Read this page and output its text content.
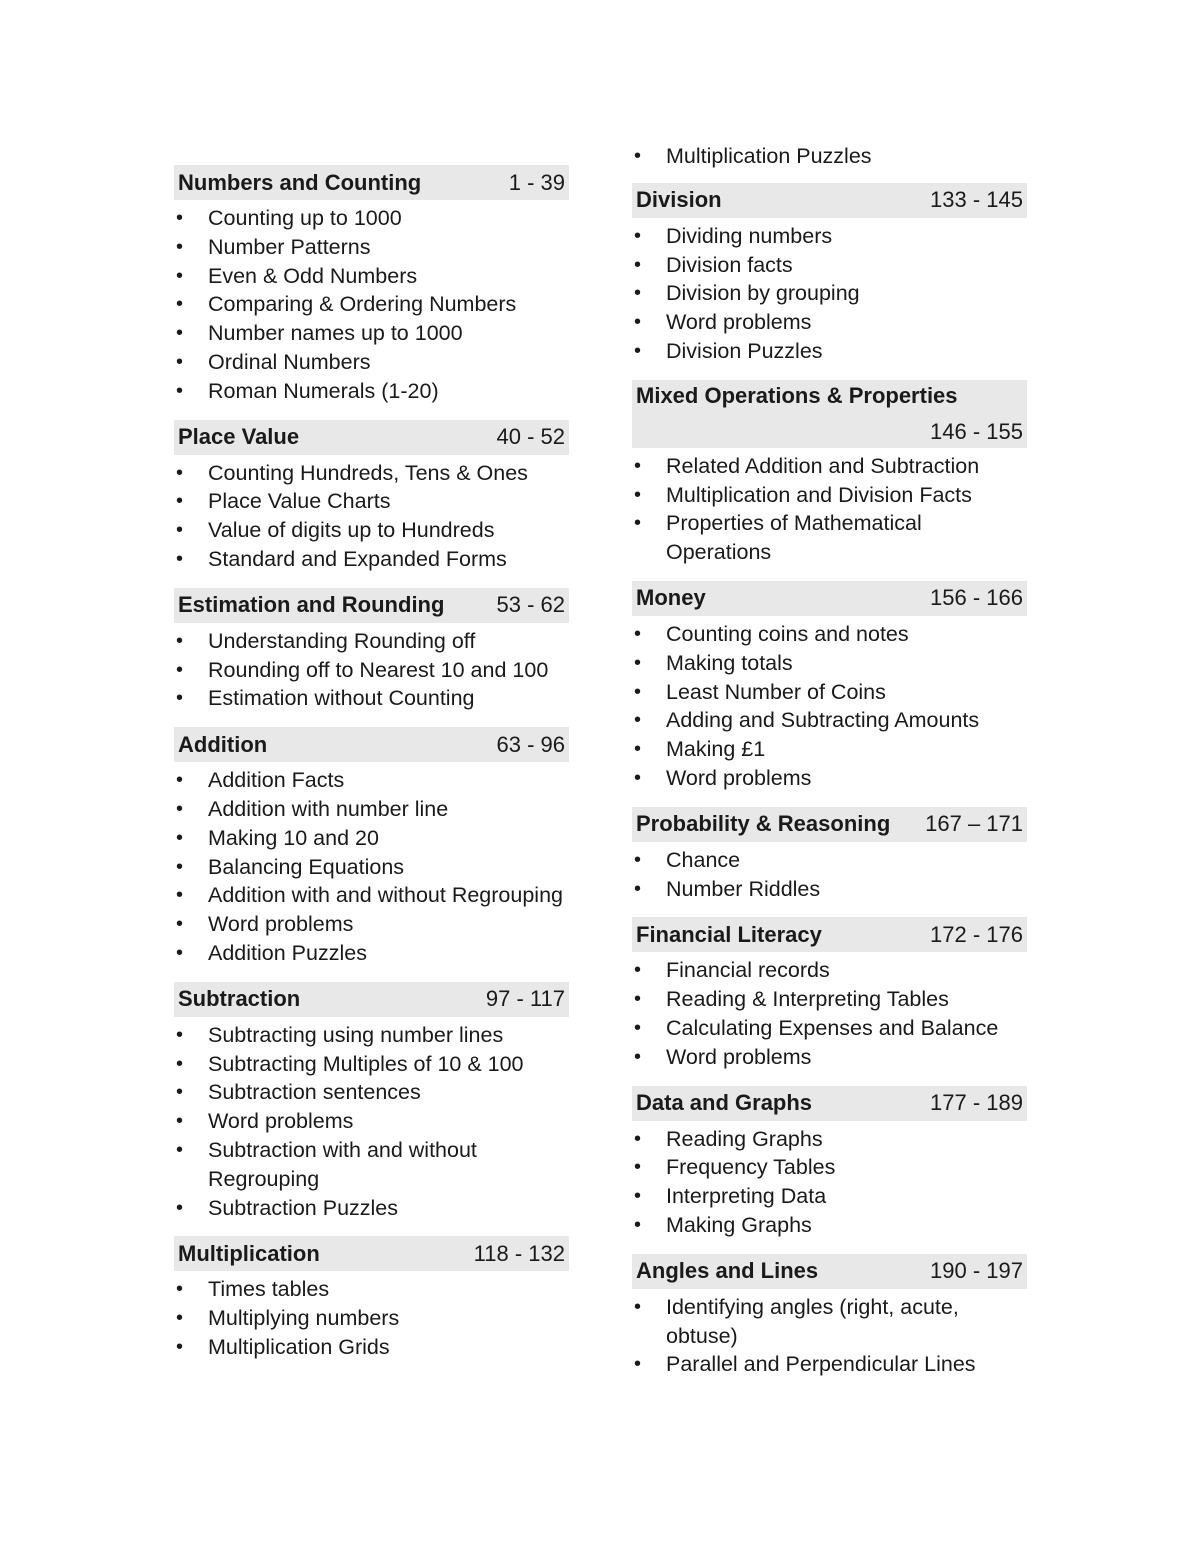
Numbers and Counting	1 - 39
• Counting up to 1000
• Number Patterns
• Even & Odd Numbers
• Comparing & Ordering Numbers
• Number names up to 1000
• Ordinal Numbers
• Roman Numerals (1-20)
Place Value	40 - 52
• Counting Hundreds, Tens & Ones
• Place Value Charts
• Value of digits up to Hundreds
• Standard and Expanded Forms
Estimation and Rounding 53 - 62
• Understanding Rounding off
• Rounding off to Nearest 10 and 100
• Estimation without Counting
Addition	63 - 96
• Addition Facts
• Addition with number line
• Making 10 and 20
• Balancing Equations
• Addition with and without Regrouping
• Word problems
• Addition Puzzles
Subtraction	97 - 117
• Subtracting using number lines
• Subtracting Multiples of 10 & 100
• Subtraction sentences
• Word problems
• Subtraction with and without Regrouping
• Subtraction Puzzles
Multiplication	118 - 132
• Times tables
• Multiplying numbers
• Multiplication Grids
• Multiplication Puzzles
Division	133 - 145
• Dividing numbers
• Division facts
• Division by grouping
• Word problems
• Division Puzzles
Mixed Operations & Properties
146 - 155
• Related Addition and Subtraction
• Multiplication and Division Facts
• Properties of Mathematical Operations
Money	156 - 166
• Counting coins and notes
• Making totals
• Least Number of Coins
• Adding and Subtracting Amounts
• Making £1
• Word problems
Probability & Reasoning 167 – 171
• Chance
• Number Riddles
Financial Literacy	172 - 176
• Financial records
• Reading & Interpreting Tables
• Calculating Expenses and Balance
• Word problems
Data and Graphs	177 - 189
• Reading Graphs
• Frequency Tables
• Interpreting Data
• Making Graphs
Angles and Lines	190 - 197
• Identifying angles (right, acute, obtuse)
• Parallel and Perpendicular Lines
